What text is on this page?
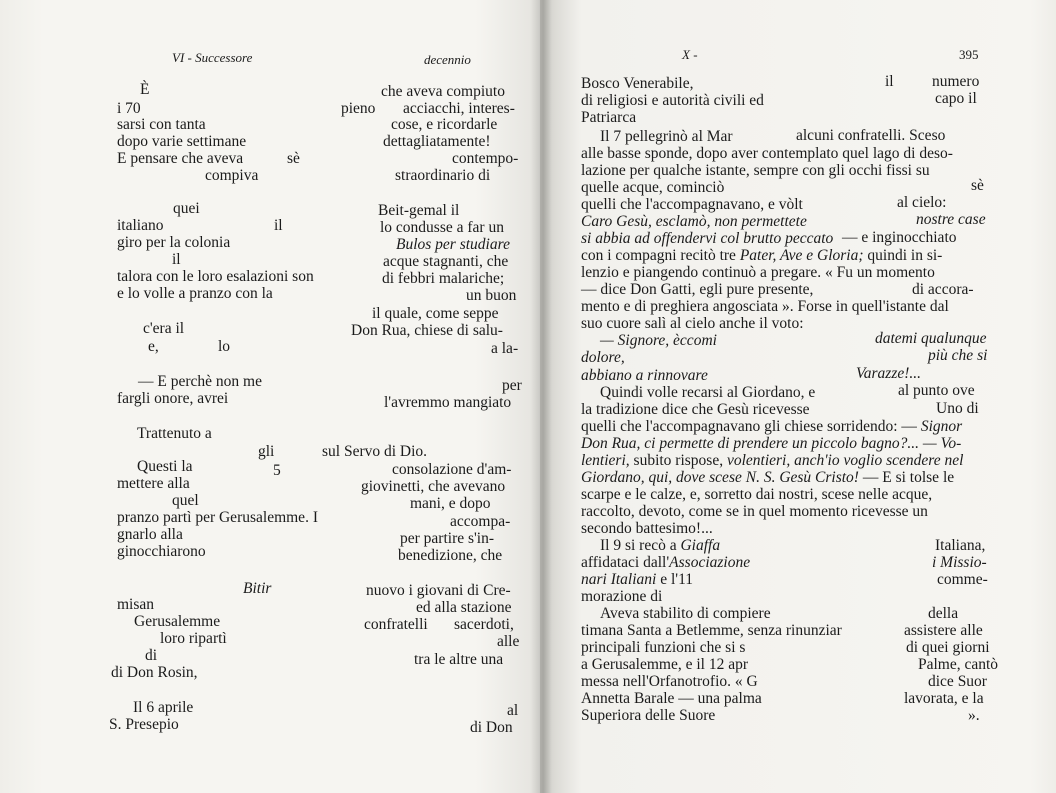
VI - Successore	decennio
È	che aveva compiuto
i 70	pieno acciacchi, interes-
sarsi con tanta	cose, e ricordarle
dopo varie settimane	dettagliatamente!
E pensare che aveva	sè	contempo-
compiva	straordinario di
quei	Beit-gemal il
italiano	il	lo condusse a far un
giro per la colonia	Bulos per studiare
il	acque stagnanti, che
talora con le loro esalazioni son	di febbri malariche;
e lo volle a pranzo con la	un buon
il quale, come seppe
c'era il	Don Rua, chiese di salu-
e,	lo	a la-
— E perchè non me	per
fargli onore, avrei	l'avremmo mangiato
Trattenuto a
gli	sul Servo di Dio.
Questi la	5	consolazione d'am-
mettere alla	giovinetti, che avevano
quel	mani, e dopo
pranzo partì per Gerusalemme. I	accompa-
gnarlo alla	per partire s'in-
ginocchiarono	benedizione, che
Bitir	nuovo i giovani di Cre-
misan	ed alla stazione
Gerusalemme	confratelli sacerdoti,
loro ripartì	alle
di	tra le altre una
di Don Rosin,
Il 6 aprile	al
S. Presepio	di Don
X -	395
Bosco Venerabile,	il numero
di religiosi e autorità civili ed	capo il
Patriarca
Il 7 pellegrinò al Mar	alcuni confratelli. Sceso
alle basse sponde, dopo aver contemplato quel lago di deso-
lazione per qualche istante, sempre con gli occhi fissi su
quelle acque, cominciò	sè
quelli che l'accompagnavano, e vòlt	al cielo:
Caro Gesù, esclamò, non permettete	nostre case
si abbia ad offendervi col brutto peccato — e inginocchiato
con i compagni recitò tre Pater, Ave e Gloria; quindi in si-
lenzio e piangendo continuò a pregare. « Fu un momento
— dice Don Gatti, egli pure presente,	di accora-
mento e di preghiera angosciata ». Forse in quell'istante dal
suo cuore salì al cielo anche il voto:
— Signore, èccomi	datemi qualunque
dolore,	più che si
abbiano a rinnovare	Varazze!...
Quindi volle recarsi al Giordano, e	al punto ove
la tradizione dice che Gesù ricevesse	Uno di
quelli che l'accompagnavano gli chiese sorridendo: — Signor
Don Rua, ci permette di prendere un piccolo bagno?... — Vo-
lentieri, subito rispose, volentieri, anch'io voglio scendere nel
Giordano, qui, dove scese N. S. Gesù Cristo! — E si tolse le
scarpe e le calze, e, sorretto dai nostri, scese nelle acque,
raccolto, devoto, come se in quel momento ricevesse un
secondo battesimo!...
Il 9 si recò a Giaffa	Italiana,
affidataci dall'Associazione	i Missio-
nari Italiani e l'11	comme-
morazione di
Aveva stabilito di compiere	della
timana Santa a Betlemme, senza rinunziar	assistere alle
principali funzioni che si s	di quei giorni
a Gerusalemme, e il 12 apr	Palme, cantò
messa nell'Orfanotrofio. « G	dice Suor
Annetta Barale — una palma	lavorata, e la
Superiora delle Suore	».
